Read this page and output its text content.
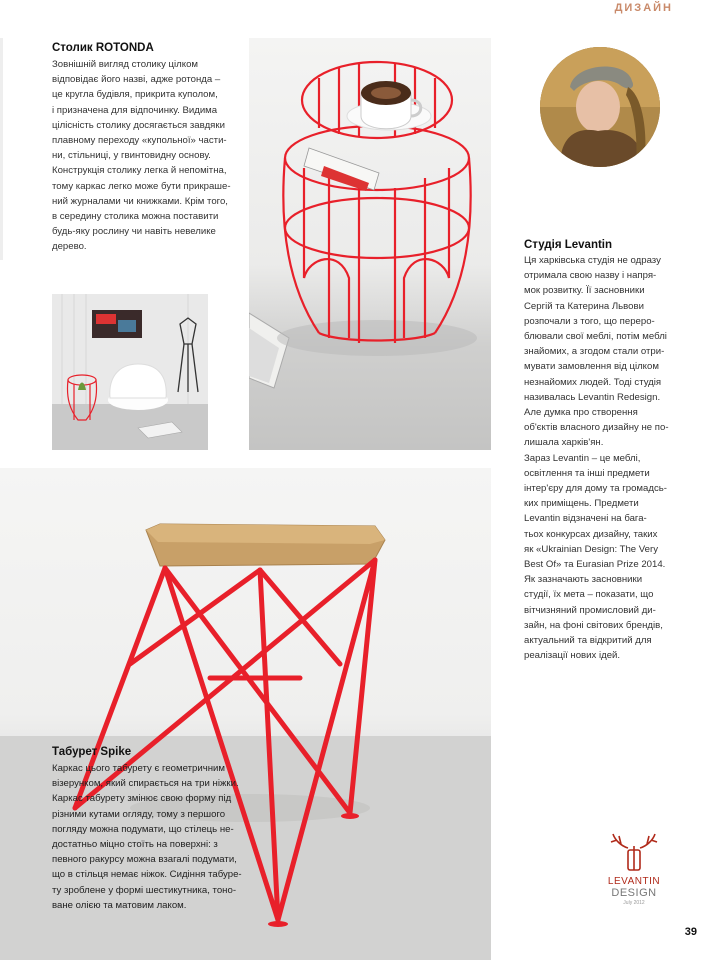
ДИЗАЙН
Столик ROTONDA
Зовнішній вигляд столику цілком
відповідає його назві, адже ротонда –
це кругла будівля, прикрита куполом,
і призначена для відпочинку. Видима
цілісність столику досягається завдяки
плавному переходу «купольної» части-
ни, стільниці, у гвинтовидну основу.
Конструкція столику легка й непомітна,
тому каркас легко може бути прикраше-
ний журналами чи книжками. Крім того,
в середину столика можна поставити
будь-яку рослину чи навіть невелике
дерево.	Студія Levantin
Ця харківська студія не одразу
отримала свою назву і напря-
мок розвитку. Її засновники
Сергій та Катерина Львови
розпочали з того, що переро-
блювали свої меблі, потім меблі
знайомих, а згодом стали отри-
мувати замовлення від цілком
незнайомих людей. Тоді студія
називалась Levantin Redesign.
Але думка про створення
об'єктів власного дизайну не по-
лишала харків'ян.
Зараз Levantin – це меблі,
освітлення та інші предмети
інтер'єру для дому та громадсь-
ких приміщень. Предмети
Levantin відзначені на бага-
тьох конкурсах дизайну, таких
як «Ukrainian Design: The Very
Best Of» та Eurasian Prize 2014.
Як зазначають засновники
студії, їх мета – показати, що
вітчизняний промисловий ди-
зайн, на фоні світових брендів,
актуальний та відкритий для
реалізації нових ідей.
Табурет Spike
Каркас цього табурету є геометричним
візерунком, який спирається на три ніжки.
Каркас табурету змінює свою форму під
різними кутами огляду, тому з першого
погляду можна подумати, що стілець не-
достатньо міцно стоїть на поверхні: з
певного ракурсу можна взагалі подумати,
що в стільця немає ніжок. Сидіння табуре-
ту зроблене у формі шестикутника, тоно-
ване олією та матовим лаком.
LEVANTIN
DESIGN
July 2012
39
